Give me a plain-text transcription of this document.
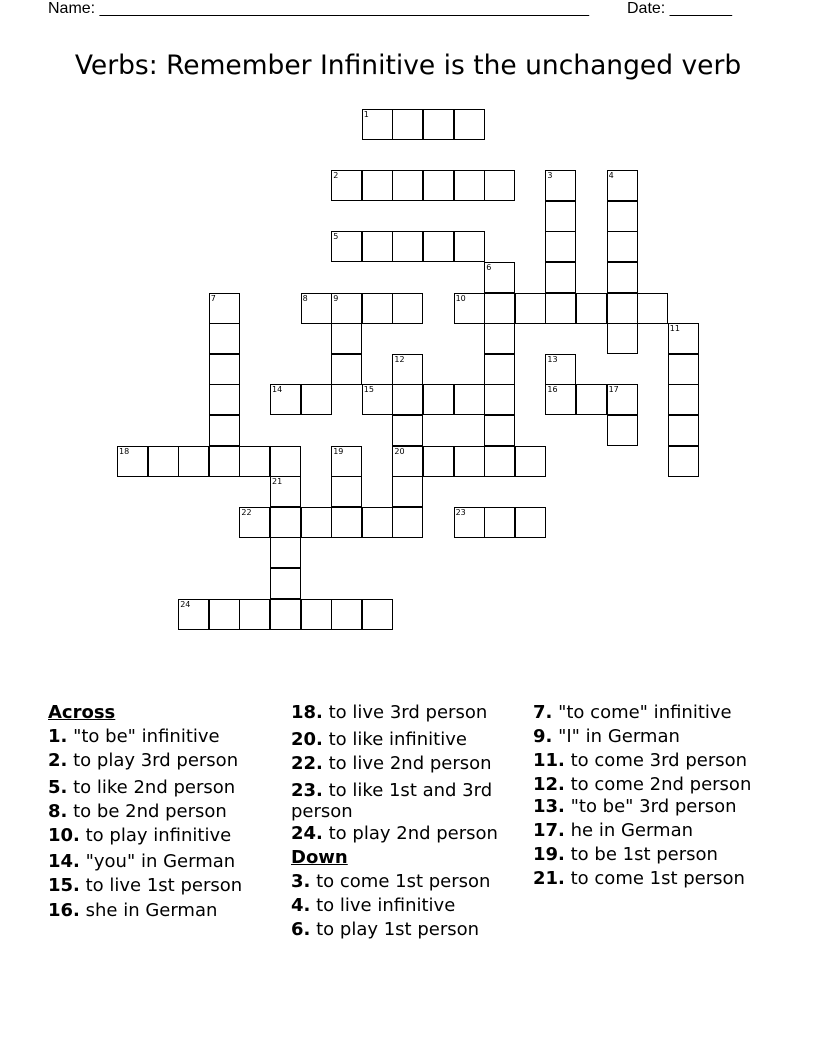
Name: _______________________________________________________ Date: _______
Verbs: Remember Infinitive is the unchanged verb
1
2
5
8	9	10
14	15	16	17
18	20
22	23
24
3	4
6
7
11
12	13
19
21
Across
1. "to be" infinitive
2. to play 3rd person
5. to like 2nd person
8. to be 2nd person
10. to play infinitive
14. "you" in German
15. to live 1st person
16. she in German
18. to live 3rd person
20. to like infinitive
22. to live 2nd person
23. to like 1st and 3rd person
24. to play 2nd person
Down
3. to come 1st person
4. to live infinitive
6. to play 1st person
7. "to come" infinitive
9. "I" in German
11. to come 3rd person
12. to come 2nd person
13. "to be" 3rd person
17. he in German
19. to be 1st person
21. to come 1st person
